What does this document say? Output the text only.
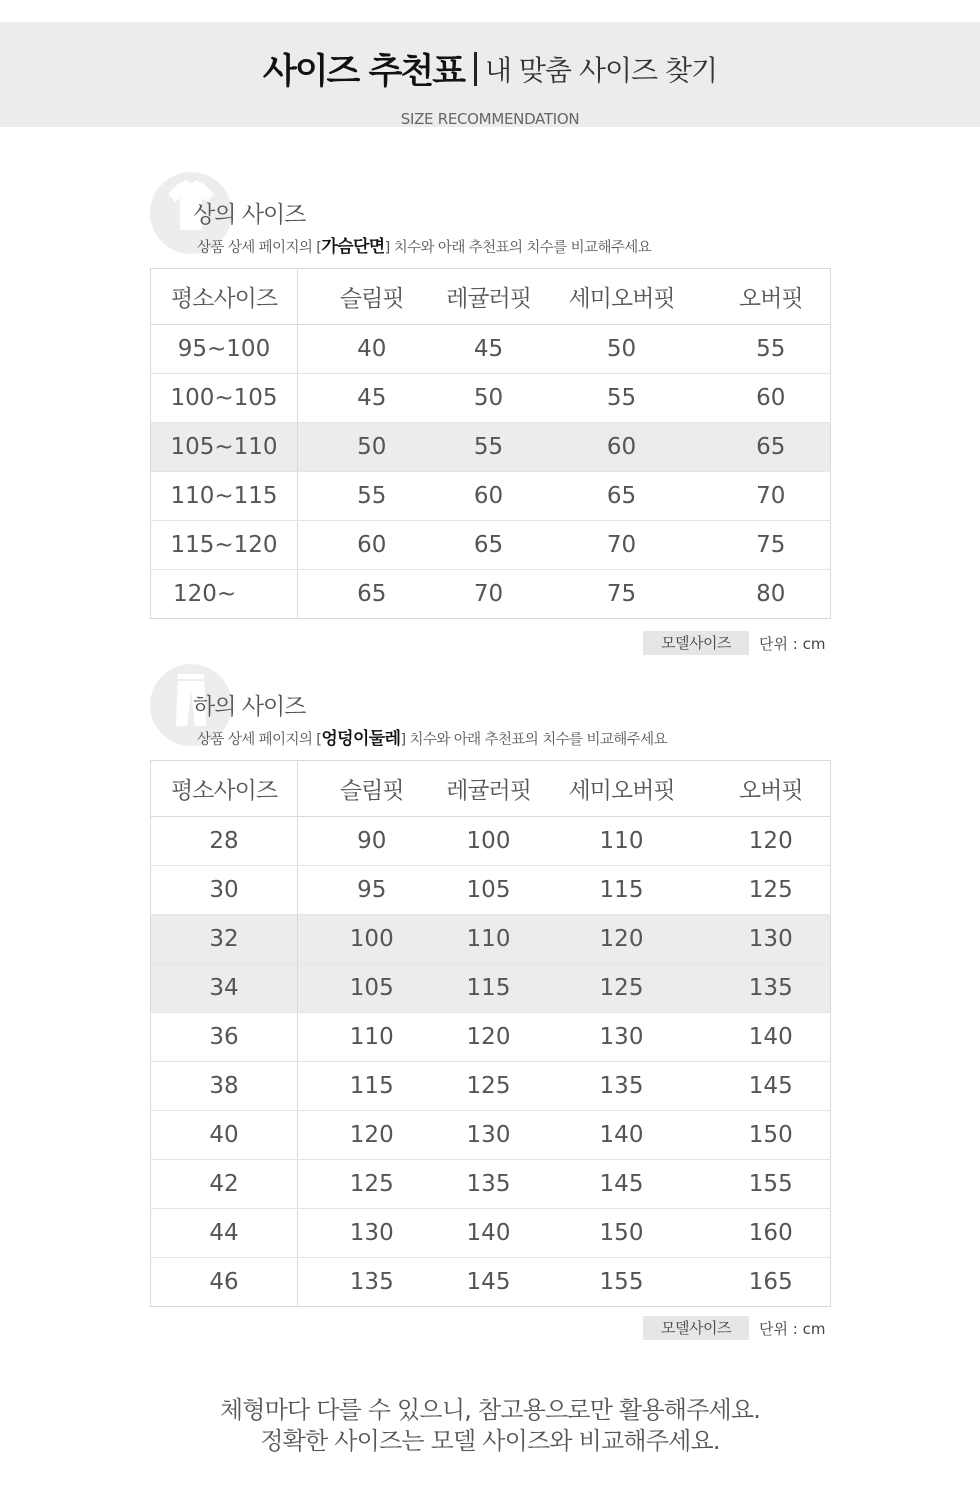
사이즈 추천표 내 맞춤 사이즈 찾기
SIZE RECOMMENDATION
상의 사이즈
상품 상세 페이지의 [가슴단면] 치수와 아래 추천표의 치수를 비교해주세요
평소사이즈	슬림핏	레귤러핏	세미오버핏	오버핏
95~100	40	45	50	55
100~105	45	50	55	60
105~110	50	55	60	65
110~115	55	60	65	70
115~120	60	65	70	75
120~	65	70	75	80
모델사이즈 단위 : cm
하의 사이즈
상품 상세 페이지의 [엉덩이둘레] 치수와 아래 추천표의 치수를 비교해주세요
평소사이즈	슬림핏	레귤러핏	세미오버핏	오버핏
28	90	100	110	120
30	95	105	115	125
32	100	110	120	130
34	105	115	125	135
36	110	120	130	140
38	115	125	135	145
40	120	130	140	150
42	125	135	145	155
44	130	140	150	160
46	135	145	155	165
모델사이즈 단위 : cm
체형마다 다를 수 있으니, 참고용으로만 활용해주세요.
정확한 사이즈는 모델 사이즈와 비교해주세요.
